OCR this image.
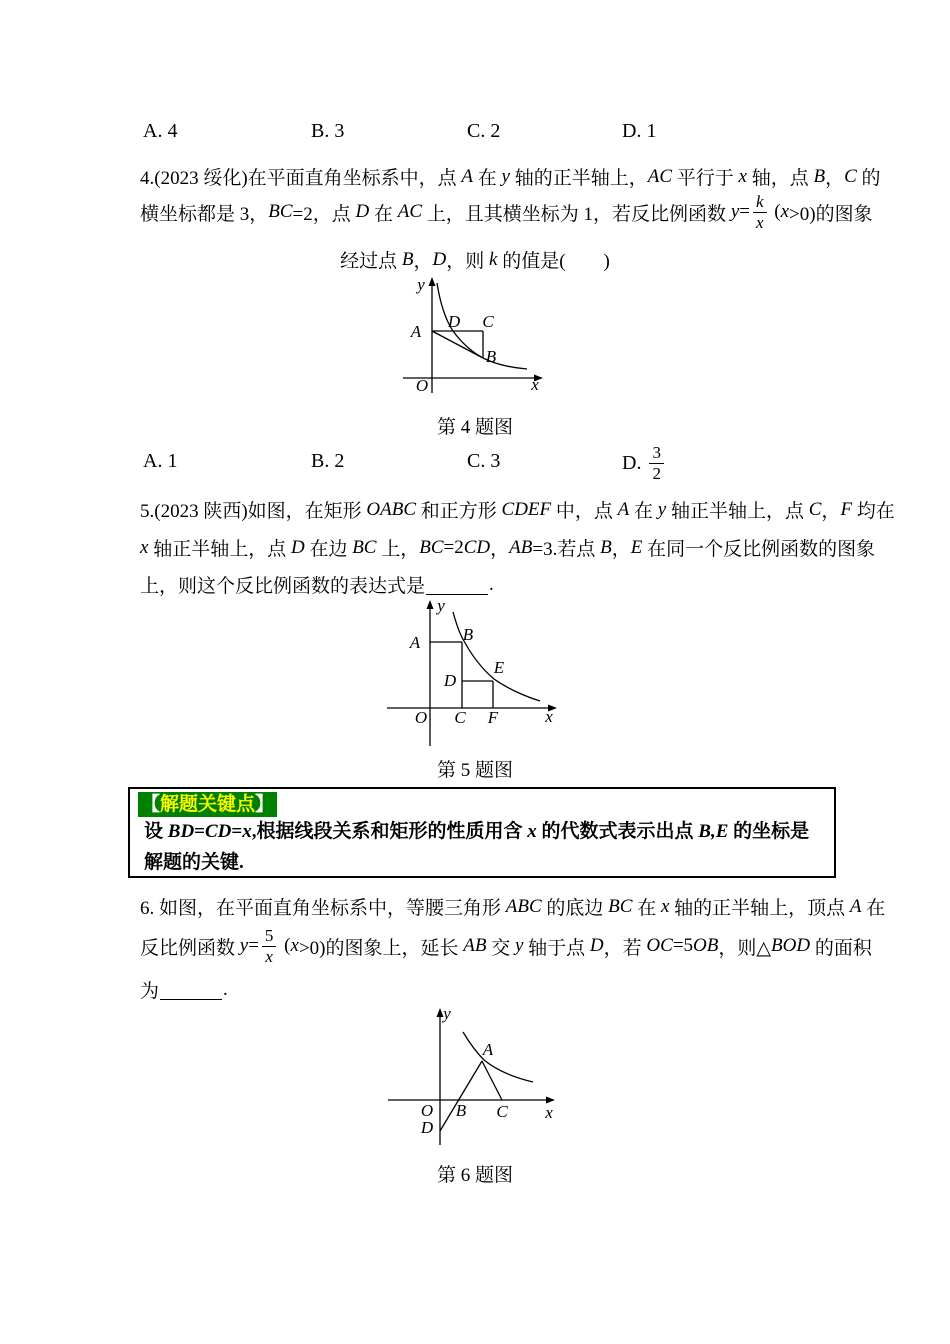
A. 4	B. 3	C. 2	D. 1
4.(2023 绥化)在平面直角坐标系中，点 A 在 y 轴的正半轴上， AC 平行于 x 轴，点 B ， C 的
横坐标都是 3， BC =2，点 D 在 AC 上，且其横坐标为 1，若反比例函数 $y = \frac{k}{x}$ ( x >0)的图象
经过点 B ， D ，则 k 的值是(　　)
y
x
O
A
D C
B
第 4 题图
A. 1	B. 2	C. 3	D. $\frac{3}{2}$
5.(2023 陕西)如图，在矩形 OABC 和正方形 CDEF 中，点 A 在 y 轴正半轴上，点 C ， F 均在
x 轴正半轴上，点 D 在边 BC 上， BC =2 CD ， AB =3.若点 B ， E 在同一个反比例函数的图象
上，则这个反比例函数的表达式是	.
y
x
O
A	B
C
D
E
F
第 5 题图
【解题关键点】
设 BD=CD=x,根据线段关系和矩形的性质用含 x 的代数式表示出点 B,E 的坐标是解题的关键.
6. 如图，在平面直角坐标系中，等腰三角形 ABC 的底边 BC 在 x 轴的正半轴上，顶点 A 在
反比例函数 $y = \frac{5}{x}$ ( x >0)的图象上，延长 AB 交 y 轴于点 D ，若 OC =5 OB ，则△ BOD 的面积
为	.
y
x
O
A
B C
D
第 6 题图
